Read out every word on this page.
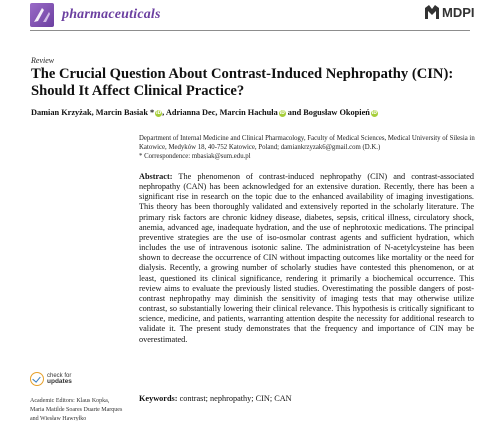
pharmaceuticals	MDPI
Review
The Crucial Question About Contrast-Induced Nephropathy (CIN): Should It Affect Clinical Practice?
Damian Krzyżak, Marcin Basiak * iD, Adrianna Dec, Marcin Hachuła iD and Bogusław Okopień iD
Department of Internal Medicine and Clinical Pharmacology, Faculty of Medical Sciences, Medical University of Silesia in Katowice, Medyków 18, 40-752 Katowice, Poland; damiankrzyzak6@gmail.com (D.K.)
* Correspondence: mbasiak@sum.edu.pl

Abstract: The phenomenon of contrast-induced nephropathy (CIN) and contrast-associated nephropathy (CAN) has been acknowledged for an extensive duration. Recently, there has been a significant rise in research on the topic due to the enhanced availability of imaging investigations. This theory has been thoroughly validated and extensively reported in the scholarly literature. The primary risk factors are chronic kidney disease, diabetes, sepsis, critical illness, circulatory shock, anemia, advanced age, inadequate hydration, and the use of nephrotoxic medications. The principal preventive strategies are the use of iso-osmolar contrast agents and sufficient hydration, which includes the use of intravenous isotonic saline. The administration of N-acetylcysteine has been shown to decrease the occurrence of CIN without impacting outcomes like mortality or the need for dialysis. Recently, a growing number of scholarly studies have contested this phenomenon, or at least, questioned its clinical significance, rendering it primarily a biochemical occurrence. This review aims to evaluate the previously listed studies. Overestimating the possible dangers of post-contrast nephropathy may diminish the sensitivity of imaging tests that may otherwise utilize contrast, so substantially lowering their clinical relevance. This hypothesis is critically significant to science, medicine, and patients, warranting attention despite the necessity for additional research to validate it. The present study demonstrates that the frequency and importance of CIN may be overestimated.

Keywords: contrast; nephropathy; CIN; CAN

check for
updates
Academic Editors: Klaus Kopka,
Maria Matilde Soares Duarte Marques
and Wiesław Hawryłko
